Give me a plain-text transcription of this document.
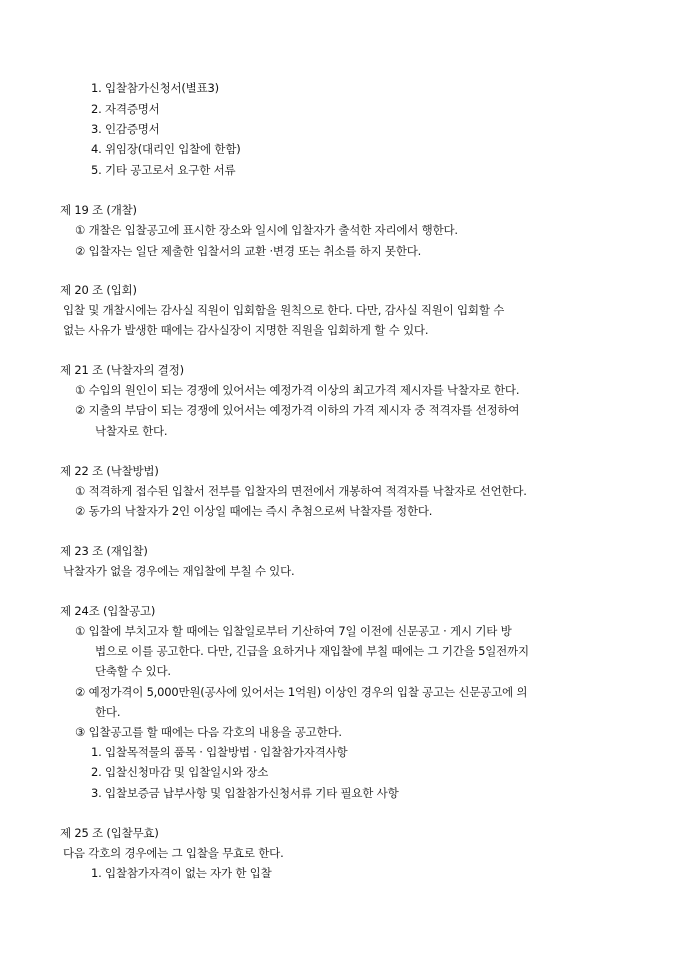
1. 입찰참가신청서(별표3)
2. 자격증명서
3. 인감증명서
4. 위임장(대리인 입찰에 한함)
5. 기타 공고로서 요구한 서류
제 19 조 (개찰)
① 개찰은 입찰공고에 표시한 장소와 일시에 입찰자가 출석한 자리에서 행한다.
② 입찰자는 일단 제출한 입찰서의 교환 ·변경 또는 취소를 하지 못한다.
제 20 조 (입회)
입찰 및 개찰시에는 감사실 직원이 입회함을 원칙으로 한다. 다만, 감사실 직원이 입회할 수
없는 사유가 발생한 때에는 감사실장이 지명한 직원을 입회하게 할 수 있다.
제 21 조 (낙찰자의 결정)
① 수입의 원인이 되는 경쟁에 있어서는 예정가격 이상의 최고가격 제시자를 낙찰자로 한다.
② 지출의 부담이 되는 경쟁에 있어서는 예정가격 이하의 가격 제시자 중 적격자를 선정하여
낙찰자로 한다.
제 22 조 (낙찰방법)
① 적격하게 접수된 입찰서 전부를 입찰자의 면전에서 개봉하여 적격자를 낙찰자로 선언한다.
② 동가의 낙찰자가 2인 이상일 때에는 즉시 추첨으로써 낙찰자를 정한다.
제 23 조 (재입찰)
낙찰자가 없을 경우에는 재입찰에 부칠 수 있다.
제 24조 (입찰공고)
① 입찰에 부치고자 할 때에는 입찰일로부터 기산하여 7일 이전에 신문공고 · 게시 기타 방
법으로 이를 공고한다. 다만, 긴급을 요하거나 재입찰에 부칠 때에는 그 기간을 5일전까지
단축할 수 있다.
② 예정가격이 5,000만원(공사에 있어서는 1억원) 이상인 경우의 입찰 공고는 신문공고에 의
한다.
③ 입찰공고를 할 때에는 다음 각호의 내용을 공고한다.
1. 입찰목적물의 품목 · 입찰방법 · 입찰참가자격사항
2. 입찰신청마감 및 입찰일시와 장소
3. 입찰보증금 납부사항 및 입찰참가신청서류 기타 필요한 사항
제 25 조 (입찰무효)
다음 각호의 경우에는 그 입찰을 무효로 한다.
1. 입찰참가자격이 없는 자가 한 입찰
